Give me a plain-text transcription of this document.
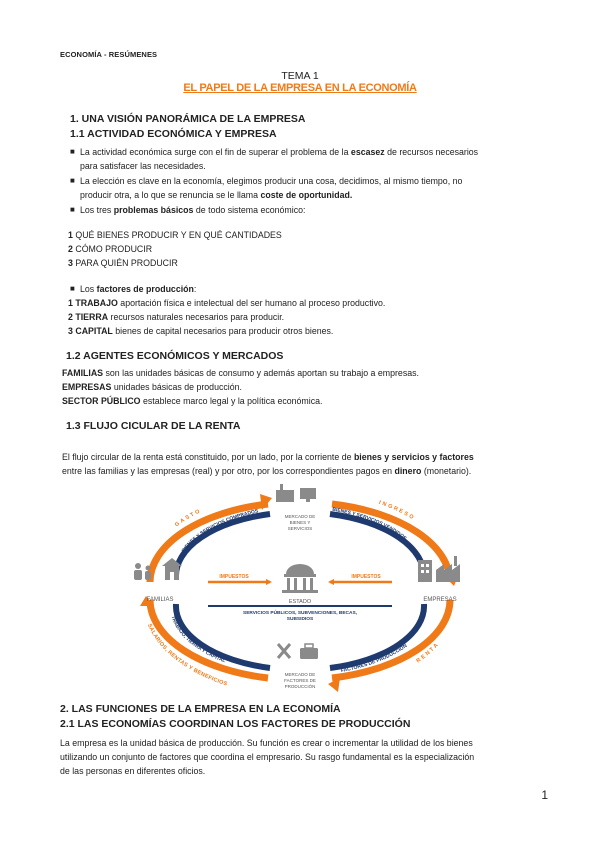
ECONOMÍA - RESÚMENES
TEMA 1
EL PAPEL DE LA EMPRESA EN LA ECONOMÍA
1. UNA VISIÓN PANORÁMICA DE LA EMPRESA
1.1 ACTIVIDAD ECONÓMICA Y EMPRESA
■ La actividad económica surge con el fin de superar el problema de la escasez de recursos necesarios
para satisfacer las necesidades.
■ La elección es clave en la economía, elegimos producir una cosa, decidimos, al mismo tiempo, no
producir otra, a lo que se renuncia se le llama coste de oportunidad.
■ Los tres problemas básicos de todo sistema económico:
1 QUÉ BIENES PRODUCIR Y EN QUÉ CANTIDADES
2 CÓMO PRODUCIR
3 PARA QUIÉN PRODUCIR
■ Los factores de producción:
1 TRABAJO aportación física e intelectual del ser humano al proceso productivo.
2 TIERRA recursos naturales necesarios para producir.
3 CAPITAL bienes de capital necesarios para producir otros bienes.
1.2 AGENTES ECONÓMICOS Y MERCADOS
FAMILIAS son las unidades básicas de consumo y además aportan su trabajo a empresas.
EMPRESAS unidades básicas de producción.
SECTOR PÚBLICO establece marco legal y la política económica.
1.3 FLUJO CICULAR DE LA RENTA
El flujo circular de la renta está constituido, por un lado, por la corriente de bienes y servicios y factores
entre las familias y las empresas (real) y por otro, por los correspondientes pagos en dinero (monetario).
GASTO
INGRESO
SALARIOS, RENTAS Y BENEFICIOS
RENTA
BIENES Y SERVICIOS COMPRADOS	BIENES Y SERVICIOS VENDIDOS
TRABAJO, TIERRA Y CAPITAL
FACTORES DE PRODUCCIÓN
MERCADO DE
BIENES Y
SERVICIOS
FAMILIAS	EMPRESAS
ESTADO
IMPUESTOS	IMPUESTOS
SERVICIOS PÚBLICOS, SUBVENCIONES, BECAS,
SUBSIDIOS
MERCADO DE
FACTORES DE
PRODUCCIÓN
2. LAS FUNCIONES DE LA EMPRESA EN LA ECONOMÍA
2.1 LAS ECONOMÍAS COORDINAN LOS FACTORES DE PRODUCCIÓN
La empresa es la unidad básica de producción. Su función es crear o incrementar la utilidad de los bienes
utilizando un conjunto de factores que coordina el empresario. Su rasgo fundamental es la especialización
de las personas en diferentes oficios.
1
